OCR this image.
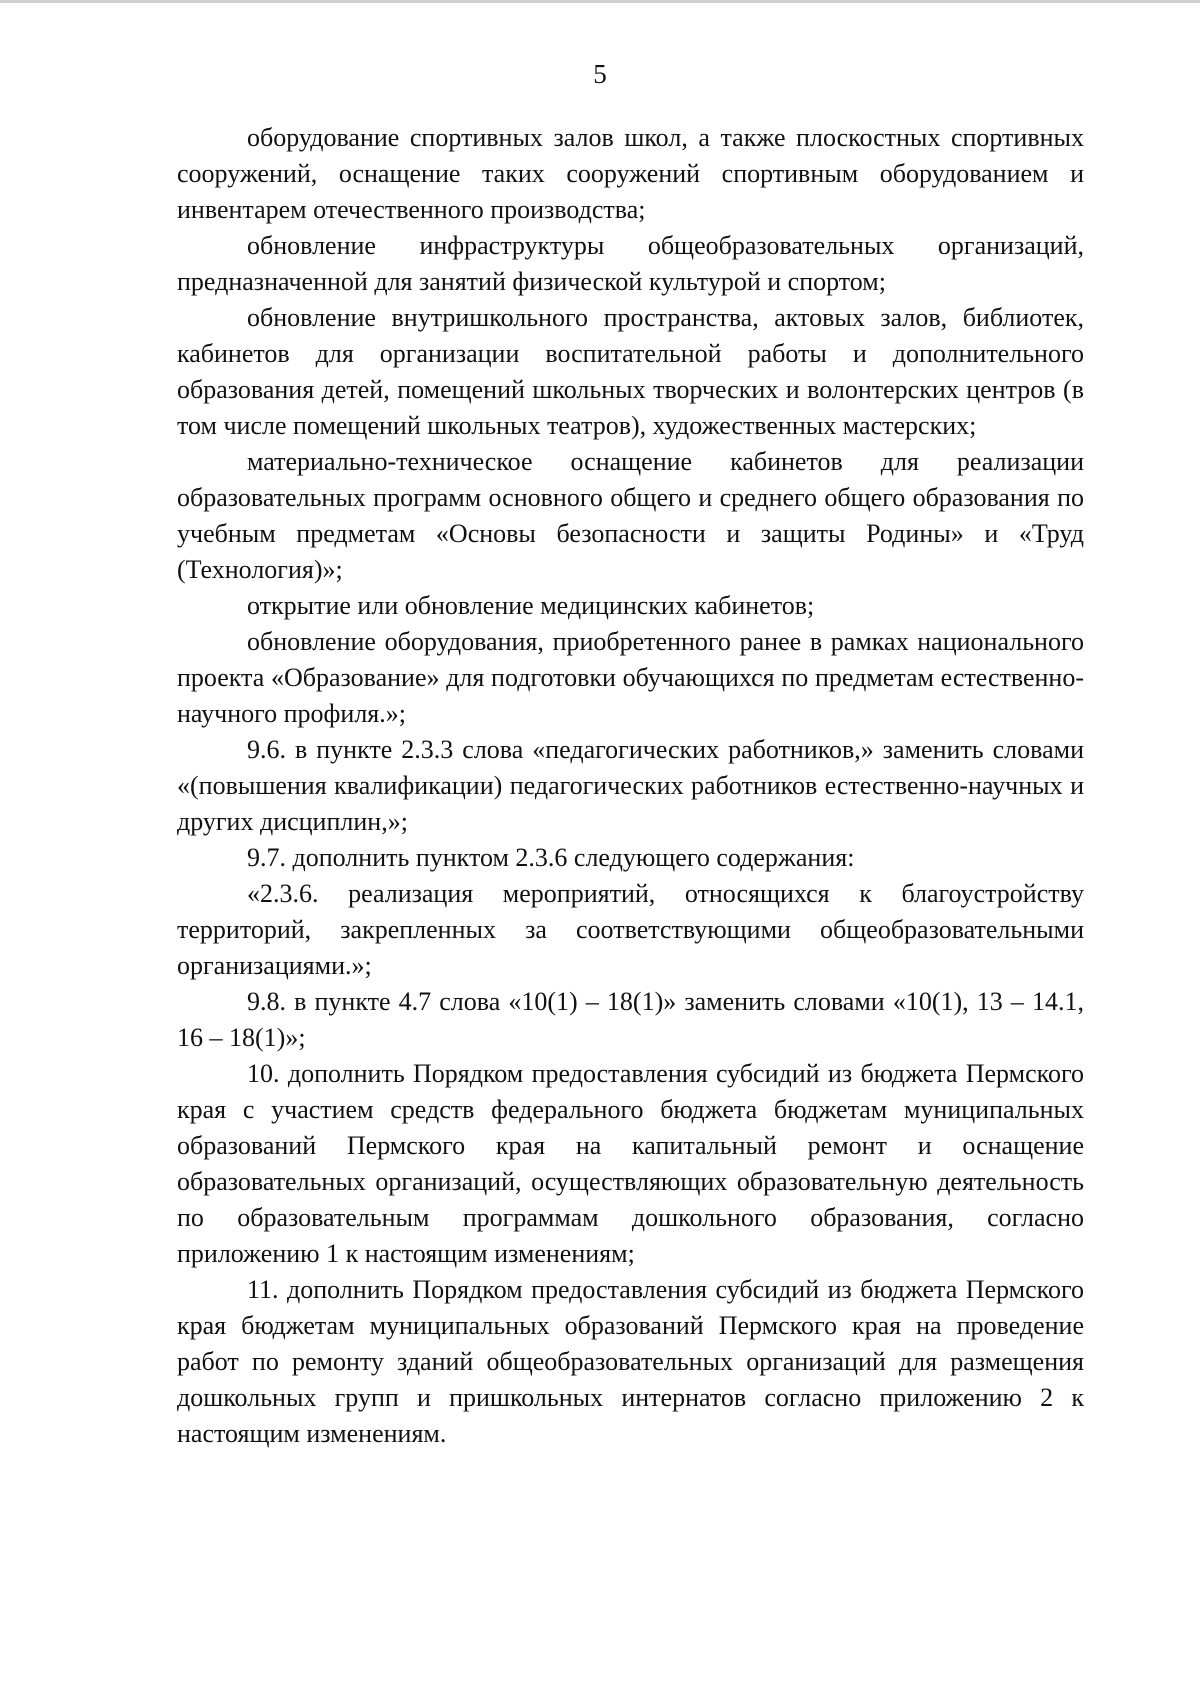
5

оборудование спортивных залов школ, а также плоскостных спортивных сооружений, оснащение таких сооружений спортивным оборудованием и инвентарем отечественного производства;

обновление инфраструктуры общеобразовательных организаций, предназначенной для занятий физической культурой и спортом;

обновление внутришкольного пространства, актовых залов, библиотек, кабинетов для организации воспитательной работы и дополнительного образования детей, помещений школьных творческих и волонтерских центров (в том числе помещений школьных театров), художественных мастерских;

материально-техническое оснащение кабинетов для реализации образовательных программ основного общего и среднего общего образования по учебным предметам «Основы безопасности и защиты Родины» и «Труд (Технология)»;

открытие или обновление медицинских кабинетов;

обновление оборудования, приобретенного ранее в рамках национального проекта «Образование» для подготовки обучающихся по предметам естественно-научного профиля.»;

9.6. в пункте 2.3.3 слова «педагогических работников,» заменить словами «(повышения квалификации) педагогических работников естественно-научных и других дисциплин,»;

9.7. дополнить пунктом 2.3.6 следующего содержания:

«2.3.6. реализация мероприятий, относящихся к благоустройству территорий, закрепленных за соответствующими общеобразовательными организациями.»;

9.8. в пункте 4.7 слова «10(1) – 18(1)» заменить словами «10(1), 13 – 14.1, 16 – 18(1)»;

10. дополнить Порядком предоставления субсидий из бюджета Пермского края с участием средств федерального бюджета бюджетам муниципальных образований Пермского края на капитальный ремонт и оснащение образовательных организаций, осуществляющих образовательную деятельность по образовательным программам дошкольного образования, согласно приложению 1 к настоящим изменениям;

11. дополнить Порядком предоставления субсидий из бюджета Пермского края бюджетам муниципальных образований Пермского края на проведение работ по ремонту зданий общеобразовательных организаций для размещения дошкольных групп и пришкольных интернатов согласно приложению 2 к настоящим изменениям.
